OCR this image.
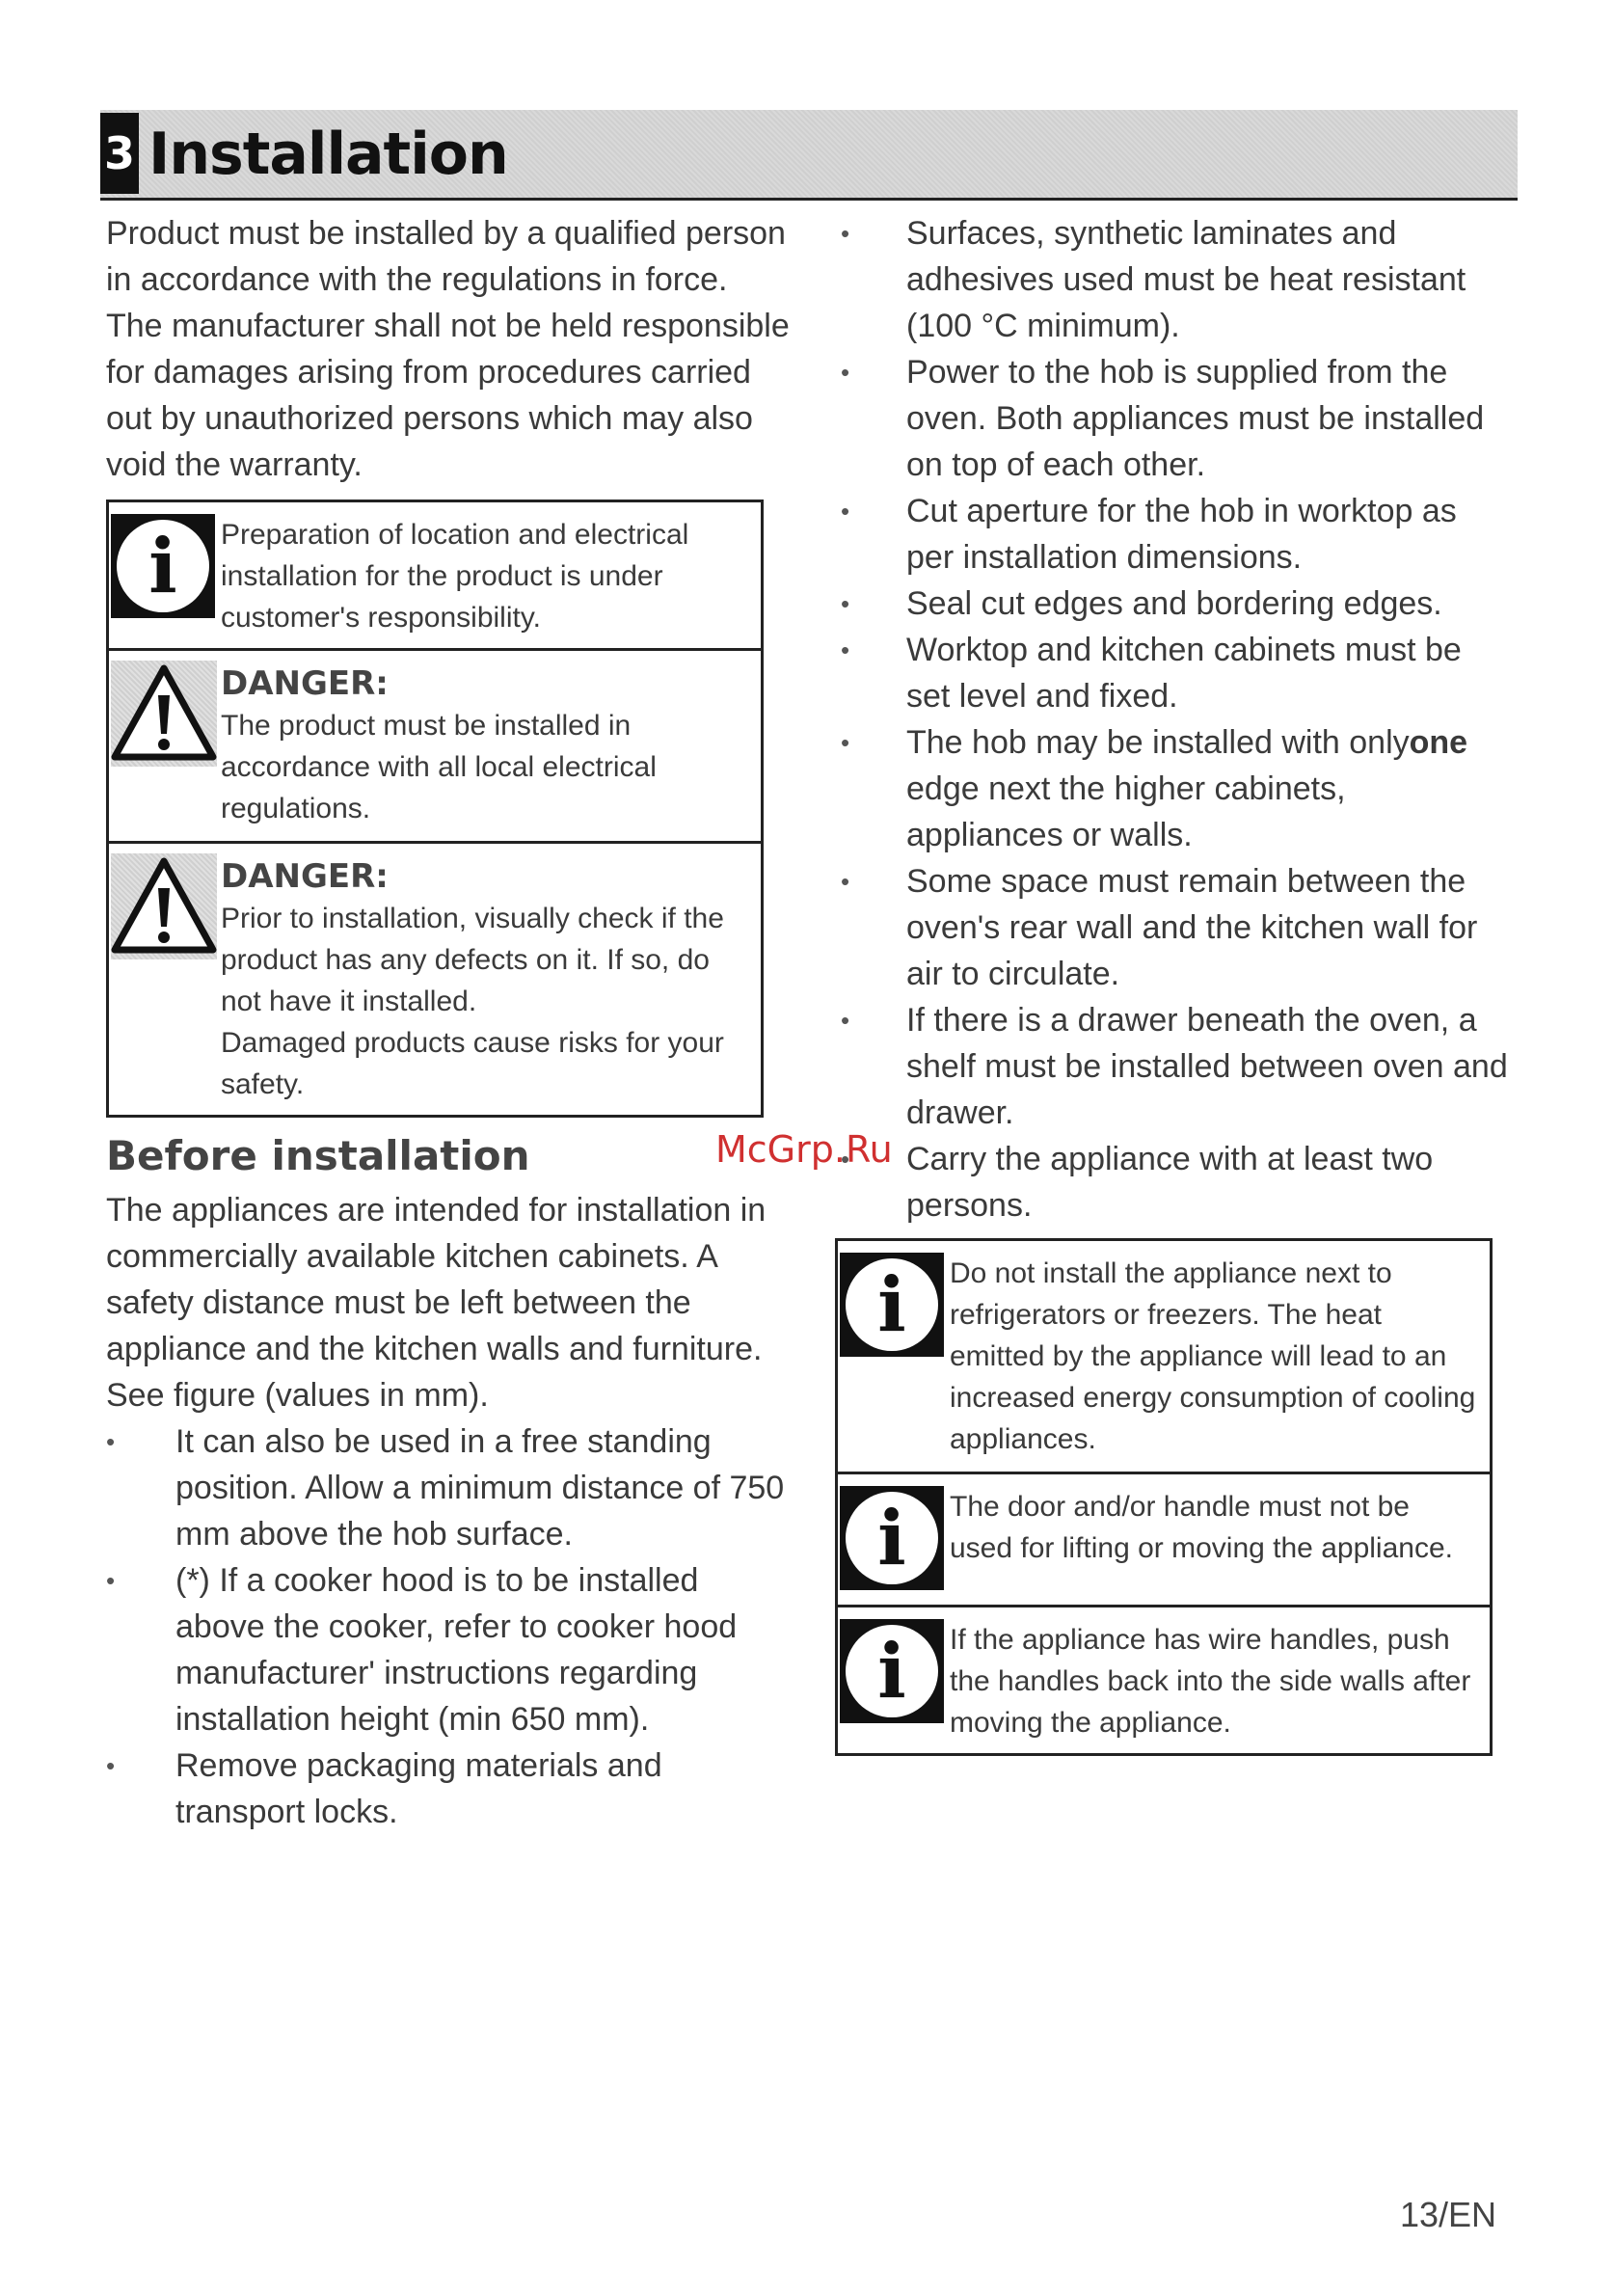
3 Installation

Product must be installed by a qualified person in accordance with the regulations in force. The manufacturer shall not be held responsible for damages arising from procedures carried out by unauthorized persons which may also void the warranty.

i	Preparation of location and electrical installation for the product is under customer's responsibility.
DANGER:
The product must be installed in accordance with all local electrical regulations.
DANGER:
Prior to installation, visually check if the product has any defects on it. If so, do not have it installed.
Damaged products cause risks for your safety.
Before installation

The appliances are intended for installation in commercially available kitchen cabinets. A safety distance must be left between the appliance and the kitchen walls and furniture. See figure (values in mm).

• It can also be used in a free standing position. Allow a minimum distance of 750 mm above the hob surface.
• (*) If a cooker hood is to be installed above the cooker, refer to cooker hood manufacturer' instructions regarding installation height (min 650 mm).
• Remove packaging materials and transport locks.
• Surfaces, synthetic laminates and adhesives used must be heat resistant (100 °C minimum).
• Power to the hob is supplied from the oven. Both appliances must be installed on top of each other.
• Cut aperture for the hob in worktop as per installation dimensions.
• Seal cut edges and bordering edges.
• Worktop and kitchen cabinets must be set level and fixed.
• The hob may be installed with onlyone edge next the higher cabinets, appliances or walls.
• Some space must remain between the oven's rear wall and the kitchen wall for air to circulate.
• If there is a drawer beneath the oven, a shelf must be installed between oven and drawer.
• Carry the appliance with at least two persons.
i	Do not install the appliance next to refrigerators or freezers. The heat emitted by the appliance will lead to an increased energy consumption of cooling appliances.
i	The door and/or handle must not be used for lifting or moving the appliance.
i	If the appliance has wire handles, push the handles back into the side walls after moving the appliance.
McGrp.Ru
13/EN
